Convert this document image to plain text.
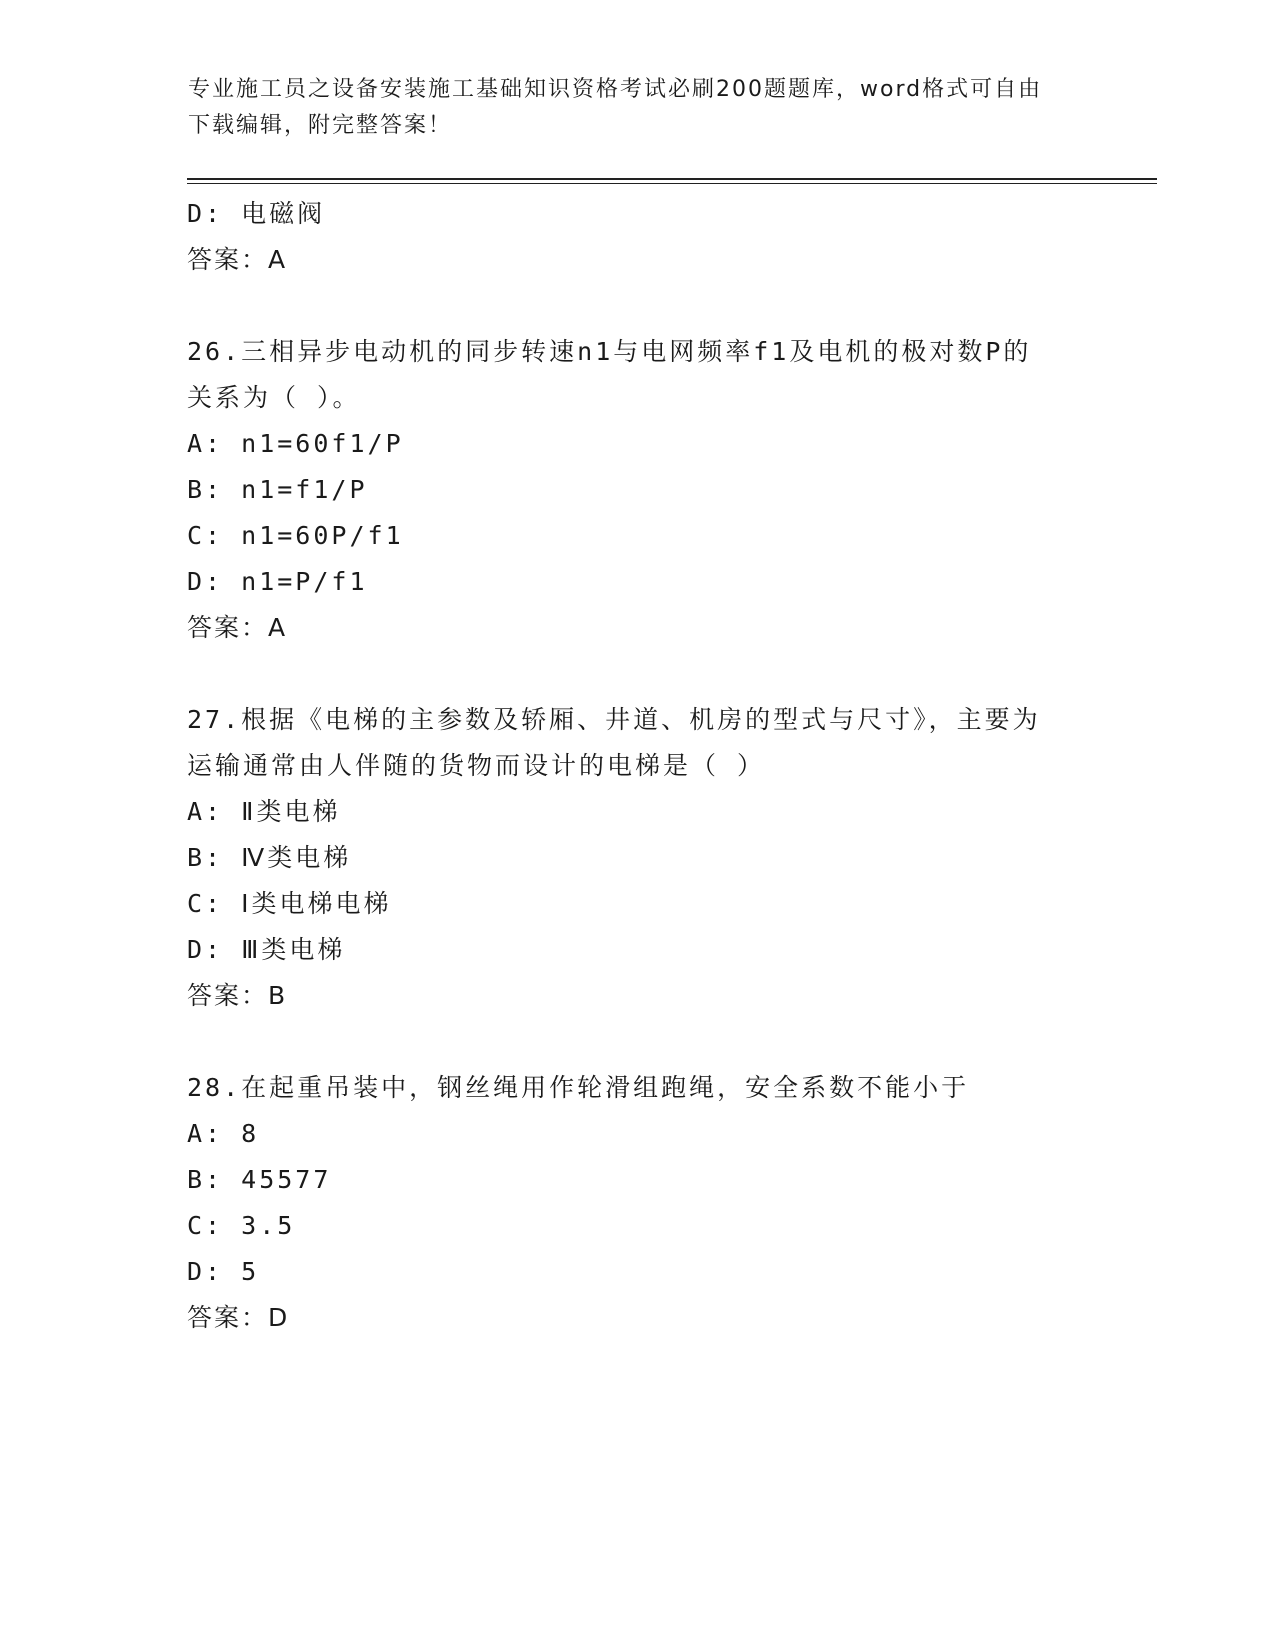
专业施工员之设备安装施工基础知识资格考试必刷200题题库，word格式可自由
下载编辑，附完整答案！
D: 电磁阀
答案：A
26.三相异步电动机的同步转速n1与电网频率f1及电机的极对数P的
关系为（ ）。
A: n1=60f1/P
B: n1=f1/P
C: n1=60P/f1
D: n1=P/f1
答案：A
27.根据《电梯的主参数及轿厢、井道、机房的型式与尺寸》，主要为
运输通常由人伴随的货物而设计的电梯是（ ）
A: Ⅱ类电梯
B: Ⅳ类电梯
C: Ⅰ类电梯电梯
D: Ⅲ类电梯
答案：B
28.在起重吊装中，钢丝绳用作轮滑组跑绳，安全系数不能小于
A: 8
B: 45577
C: 3.5
D: 5
答案：D
